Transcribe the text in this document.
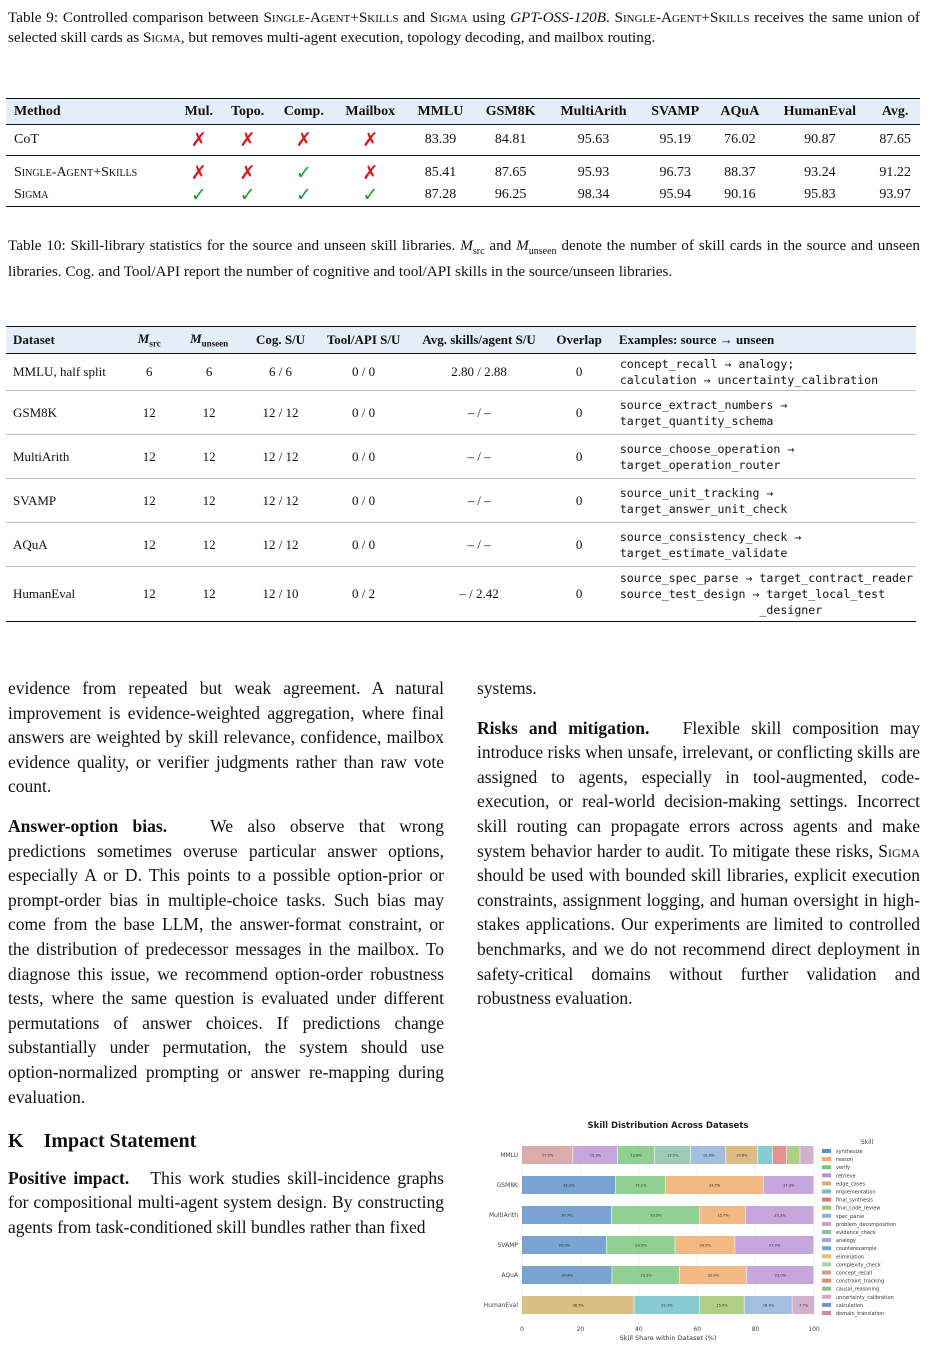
Table 9: Controlled comparison between Single-Agent+Skills and Sigma using GPT-OSS-120B. Single-Agent+Skills receives the same union of selected skill cards as Sigma, but removes multi-agent execution, topology decoding, and mailbox routing.
Method	Mul.	Topo.	Comp.	Mailbox	MMLU	GSM8K	MultiArith	SVAMP	AQuA	HumanEval	Avg.
CoT	✗	✗	✗	✗	83.39	84.81	95.63	95.19	76.02	90.87	87.65
Single-Agent+Skills	✗	✗	✓	✗	85.41	87.65	95.93	96.73	88.37	93.24	91.22
Sigma	✓	✓	✓	✓	87.28	96.25	98.34	95.94	90.16	95.83	93.97
Table 10: Skill-library statistics for the source and unseen skill libraries. $M_{src}$ and $M_{unseen}$ denote the number of skill cards in the source and unseen libraries. Cog. and Tool/API report the number of cognitive and tool/API skills in the source/unseen libraries.
Dataset	$M_{src}$	$M_{unseen}$	Cog. S/U	Tool/API S/U	Avg. skills/agent S/U	Overlap	Examples: source → unseen
MMLU, half split	6	6	6 / 6	0 / 0	2.80 / 2.88	0	concept_recall → analogy;
calculation → uncertainty_calibration

GSM8K	12	12	12 / 12	0 / 0	– / –	0	source_extract_numbers →
target_quantity_schema

MultiArith	12	12	12 / 12	0 / 0	– / –	0	source_choose_operation →
target_operation_router

SVAMP	12	12	12 / 12	0 / 0	– / –	0	source_unit_tracking →
target_answer_unit_check

AQuA	12	12	12 / 12	0 / 0	– / –	0	source_consistency_check →
target_estimate_validate

HumanEval	12	12	12 / 10	0 / 2	– / 2.42	0	source_spec_parse → target_contract_reader
source_test_design → target_local_test
_designer

evidence from repeated but weak agreement. A natural improvement is evidence-weighted aggregation, where final answers are weighted by skill relevance, confidence, mailbox evidence quality, or verifier judgments rather than raw vote count.

Answer-option bias. We also observe that wrong predictions sometimes overuse particular answer options, especially A or D. This points to a possible option-prior or prompt-order bias in multiple-choice tasks. Such bias may come from the base LLM, the answer-format constraint, or the distribution of predecessor messages in the mailbox. To diagnose this issue, we recommend option-order robustness tests, where the same question is evaluated under different permutations of answer choices. If predictions change substantially under permutation, the system should use option-normalized prompting or answer re-mapping during evaluation.

K Impact Statement

Positive impact. This work studies skill-incidence graphs for compositional multi-agent system design. By constructing agents from task-conditioned skill bundles rather than fixed

systems.

Risks and mitigation. Flexible skill composition may introduce risks when unsafe, irrelevant, or conflicting skills are assigned to agents, especially in tool-augmented, code-execution, or real-world decision-making settings. Incorrect skill routing can propagate errors across agents and make system behavior harder to audit. To mitigate these risks, Sigma should be used with bounded skill libraries, explicit execution constraints, assignment logging, and human oversight in high-stakes applications. Our experiments are limited to controlled benchmarks, and we do not recommend direct deployment in safety-critical domains without further validation and robustness evaluation.

Skill Distribution Across Datasets
0	20	40	60	80	100
Skill Share within Dataset (%)
MMLU	17.5%	15.3%	12.6%	12.5%	12.0%	10.8%
GSM8K	32.1%	17.1%	33.5%	17.3%
MultiArith	30.7%	30.3%	15.7%	23.3%
SVAMP	29.0%	23.5%	20.5%	27.0%
AQuA	30.9%	23.2%	22.9%	23.0%
HumanEval	38.5%	22.3%	15.4%	16.4%	7.7%
Skill
synthesize
reason
verify
retrieve
edge_cases
implementation
final_synthesis
final_code_review
spec_parse
problem_decomposition
evidence_check
analogy
counterexample
elimination
complexity_check
concept_recall
constraint_tracking
causal_reasoning
uncertainty_calibration
calculation
domain_translation
